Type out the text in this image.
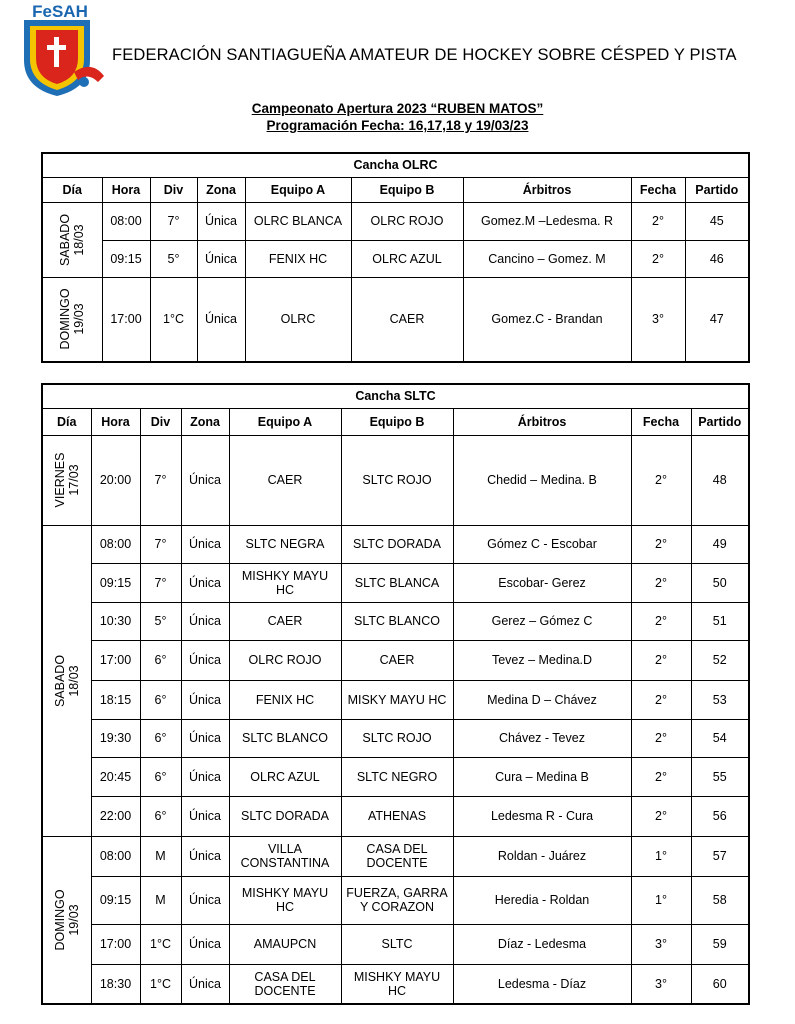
FeSAH
FEDERACIÓN SANTIAGUEÑA AMATEUR DE HOCKEY SOBRE CÉSPED Y PISTA
Campeonato Apertura 2023 “RUBEN MATOS”
Programación Fecha: 16,17,18 y 19/03/23
Cancha OLRC								
Día	Hora	Div	Zona	Equipo A	Equipo B	Árbitros	Fecha	Partido

SABADO 18/03	08:00	7°	Única	OLRC BLANCA	OLRC ROJO	Gomez.M –Ledesma. R	2°	45
	09:15	5°	Única	FENIX HC	OLRC AZUL	Cancino – Gomez. M	2°	46

DOMINGO 19/03	17:00	1°C	Única	OLRC	CAER	Gomez.C - Brandan	3°	47
Cancha SLTC								
Día	Hora	Div	Zona	Equipo A	Equipo B	Árbitros	Fecha	Partido

VIERNES 17/03	20:00	7°	Única	CAER	SLTC ROJO	Chedid – Medina. B	2°	48

SABADO 18/03	08:00	7°	Única	SLTC NEGRA	SLTC DORADA	Gómez C - Escobar	2°	49
	09:15	7°	Única	MISHKY MAYU HC	SLTC BLANCA	Escobar- Gerez	2°	50
	10:30	5°	Única	CAER	SLTC BLANCO	Gerez – Gómez C	2°	51
	17:00	6°	Única	OLRC ROJO	CAER	Tevez – Medina.D	2°	52
	18:15	6°	Única	FENIX HC	MISKY MAYU HC	Medina D – Chávez	2°	53
	19:30	6°	Única	SLTC BLANCO	SLTC ROJO	Chávez - Tevez	2°	54
	20:45	6°	Única	OLRC AZUL	SLTC NEGRO	Cura – Medina B	2°	55
	22:00	6°	Única	SLTC DORADA	ATHENAS	Ledesma R - Cura	2°	56

DOMINGO 19/03	08:00	M	Única	VILLA CONSTANTINA	CASA DEL DOCENTE	Roldan - Juárez	1°	57
	09:15	M	Única	MISHKY MAYU HC	FUERZA, GARRA Y CORAZON	Heredia - Roldan	1°	58
	17:00	1°C	Única	AMAUPCN	SLTC	Díaz - Ledesma	3°	59
	18:30	1°C	Única	CASA DEL DOCENTE	MISHKY MAYU HC	Ledesma - Díaz	3°	60
